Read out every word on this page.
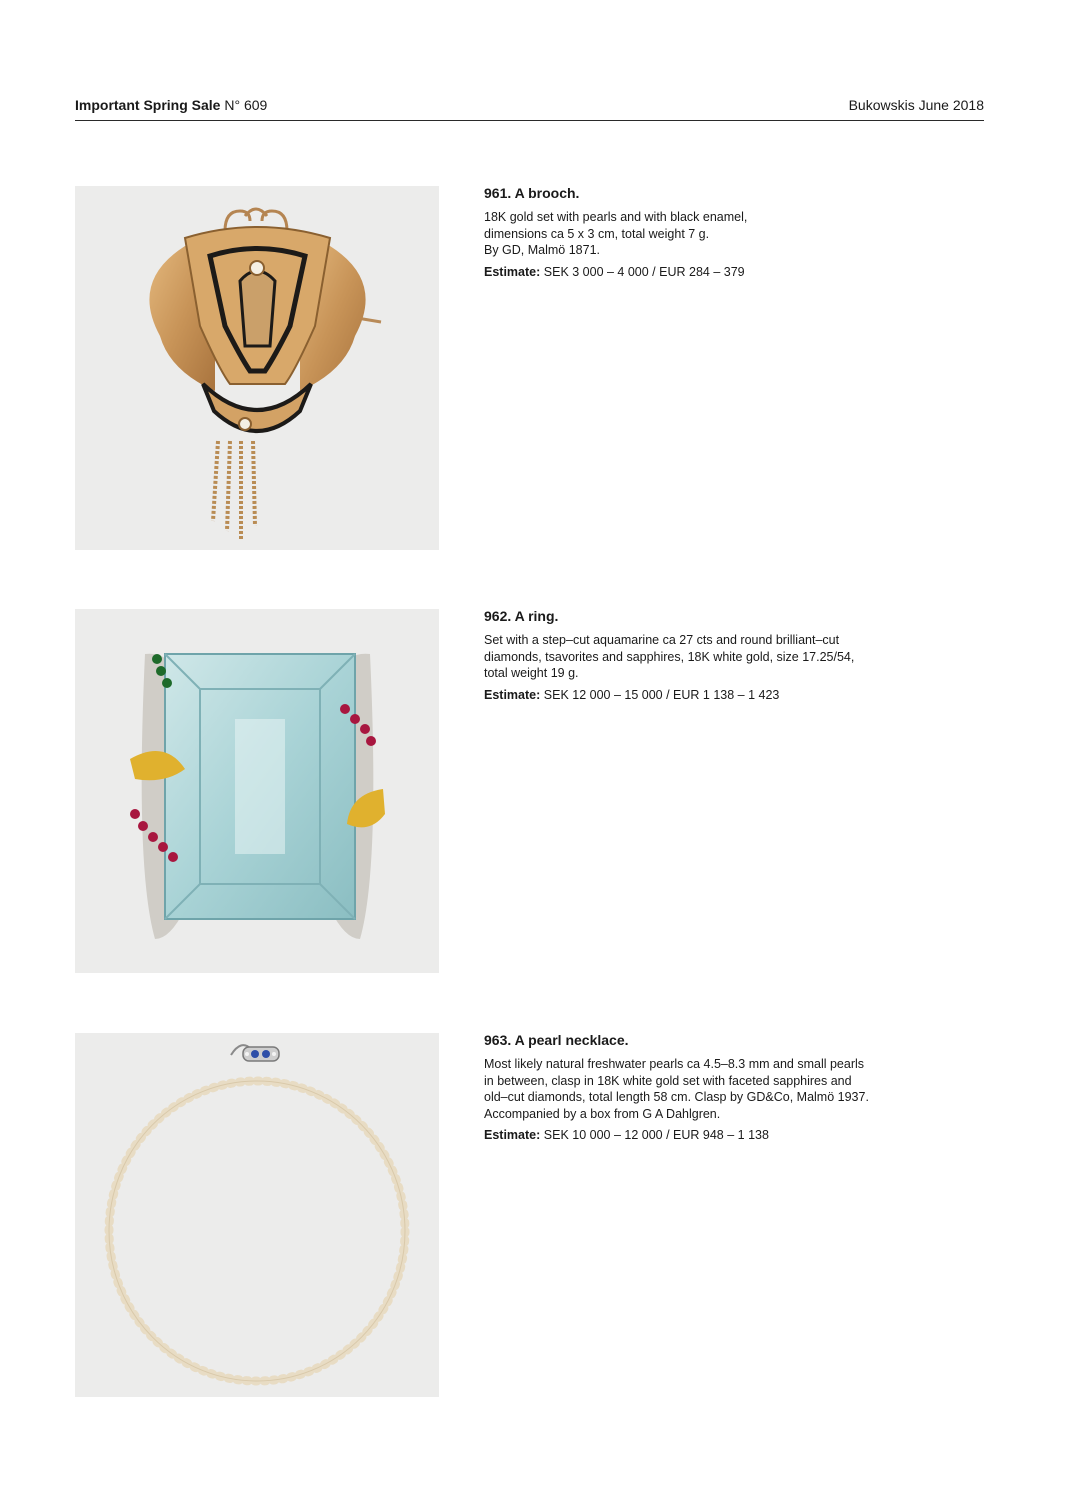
Important Spring Sale N° 609	Bukowskis June 2018

961. A brooch.

18K gold set with pearls and with black enamel,
dimensions ca 5 x 3 cm, total weight 7 g.
By GD, Malmö 1871.

Estimate: SEK 3 000 – 4 000 / EUR 284 – 379

962. A ring.

Set with a step–cut aquamarine ca 27 cts and round brilliant–cut
diamonds, tsavorites and sapphires, 18K white gold, size 17.25/54,
total weight 19 g.

Estimate: SEK 12 000 – 15 000 / EUR 1 138 – 1 423

963. A pearl necklace.

Most likely natural freshwater pearls ca 4.5–8.3 mm and small pearls
in between, clasp in 18K white gold set with faceted sapphires and
old–cut diamonds, total length 58 cm. Clasp by GD&Co, Malmö 1937.
Accompanied by a box from G A Dahlgren.

Estimate: SEK 10 000 – 12 000 / EUR 948 – 1 138
